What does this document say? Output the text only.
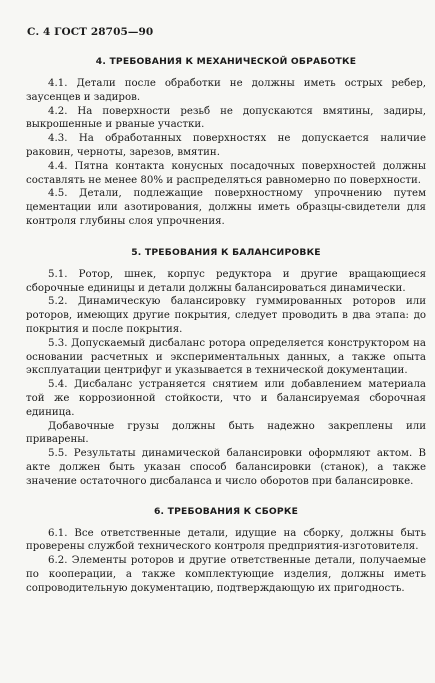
С. 4 ГОСТ 28705—90
4. ТРЕБОВАНИЯ К МЕХАНИЧЕСКОЙ ОБРАБОТКЕ

4.1. Детали после обработки не должны иметь острых ребер, заусенцев и задиров.

4.2. На поверхности резьб не допускаются вмятины, задиры, выкрошенные и рваные участки.

4.3. На обработанных поверхностях не допускается наличие раковин, черноты, зарезов, вмятин.

4.4. Пятна контакта конусных посадочных поверхностей должны составлять не менее 80% и распределяться равномерно по поверхности.

4.5. Детали, подлежащие поверхностному упрочнению путем цементации или азотирования, должны иметь образцы-свидетели для контроля глубины слоя упрочнения.

5. ТРЕБОВАНИЯ К БАЛАНСИРОВКЕ

5.1. Ротор, шнек, корпус редуктора и другие вращающиеся сборочные единицы и детали должны балансироваться динамически.

5.2. Динамическую балансировку гуммированных роторов или роторов, имеющих другие покрытия, следует проводить в два этапа: до покрытия и после покрытия.

5.3. Допускаемый дисбаланс ротора определяется конструктором на основании расчетных и экспериментальных данных, а также опыта эксплуатации центрифуг и указывается в технической документации.

5.4. Дисбаланс устраняется снятием или добавлением материала той же коррозионной стойкости, что и балансируемая сборочная единица.

Добавочные грузы должны быть надежно закреплены или приварены.

5.5. Результаты динамической балансировки оформляют актом. В акте должен быть указан способ балансировки (станок), а также значение остаточного дисбаланса и число оборотов при балансировке.

6. ТРЕБОВАНИЯ К СБОРКЕ

6.1. Все ответственные детали, идущие на сборку, должны быть проверены службой технического контроля предприятия-изготовителя.

6.2. Элементы роторов и другие ответственные детали, получаемые по кооперации, а также комплектующие изделия, должны иметь сопроводительную документацию, подтверждающую их пригодность.
